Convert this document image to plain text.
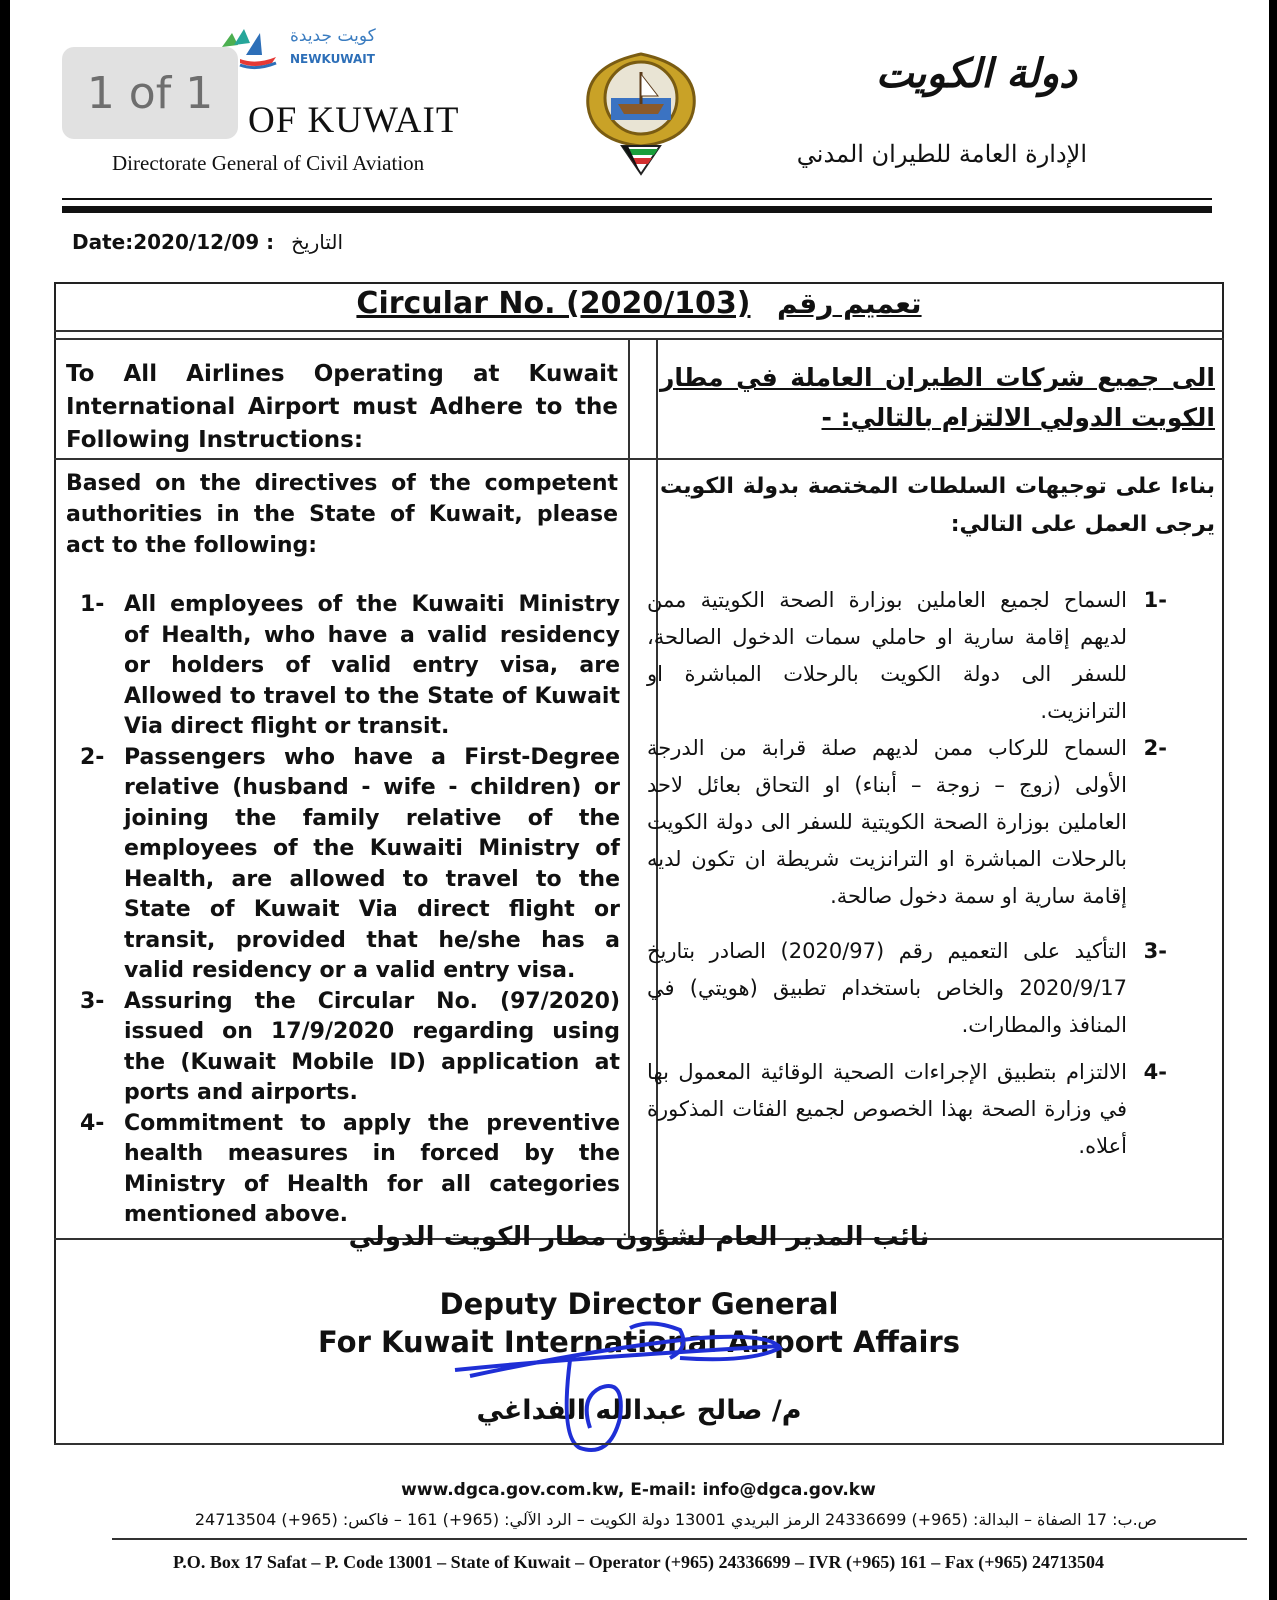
كويت جديدة
NEWKUWAIT
OF KUWAIT
Directorate General of Civil Aviation
دولة الكويت
الإدارة العامة للطيران المدني
1 of 1
Date:2020/12/09 : التاريخ
Circular No. (2020/103) تعميم رقم
To All Airlines Operating at Kuwait International Airport must Adhere to the Following Instructions:
الى جميع شركات الطيران العاملة في مطار الكويت الدولي الالتزام بالتالي: -
Based on the directives of the competent authorities in the State of Kuwait, please act to the following:
بناءا على توجيهات السلطات المختصة بدولة الكويت يرجى العمل على التالي:
1- All employees of the Kuwaiti Ministry of Health, who have a valid residency or holders of valid entry visa, are Allowed to travel to the State of Kuwait Via direct flight or transit.
2- Passengers who have a First-Degree relative (husband - wife - children) or joining the family relative of the employees of the Kuwaiti Ministry of Health, are allowed to travel to the State of Kuwait Via direct flight or transit, provided that he/she has a valid residency or a valid entry visa.
3- Assuring the Circular No. (97/2020) issued on 17/9/2020 regarding using the (Kuwait Mobile ID) application at ports and airports.
4- Commitment to apply the preventive health measures in forced by the Ministry of Health for all categories mentioned above.
-1
السماح لجميع العاملين بوزارة الصحة الكويتية ممن لديهم إقامة سارية او حاملي سمات الدخول الصالحة، للسفر الى دولة الكويت بالرحلات المباشرة او الترانزيت.
-2
السماح للركاب ممن لديهم صلة قرابة من الدرجة الأولى (زوج – زوجة – أبناء) او التحاق بعائل لاحد العاملين بوزارة الصحة الكويتية للسفر الى دولة الكويت بالرحلات المباشرة او الترانزيت شريطة ان تكون لديه إقامة سارية او سمة دخول صالحة.
-3
التأكيد على التعميم رقم (2020/97) الصادر بتاريخ 2020/9/17 والخاص باستخدام تطبيق (هويتي) في المنافذ والمطارات.
-4
الالتزام بتطبيق الإجراءات الصحية الوقائية المعمول بها في وزارة الصحة بهذا الخصوص لجميع الفئات المذكورة أعلاه.
نائب المدير العام لشؤون مطار الكويت الدولي
Deputy Director General
For Kuwait International Airport Affairs
م/ صالح عبدالله الفداغي
www.dgca.gov.com.kw, E-mail: info@dgca.gov.kw
ص.ب: 17 الصفاة – البدالة: (965+) 24336699 الرمز البريدي 13001 دولة الكويت – الرد الآلي: (965+) 161 – فاكس: (965+) 24713504
P.O. Box 17 Safat – P. Code 13001 – State of Kuwait – Operator (+965) 24336699 – IVR (+965) 161 – Fax (+965) 24713504
